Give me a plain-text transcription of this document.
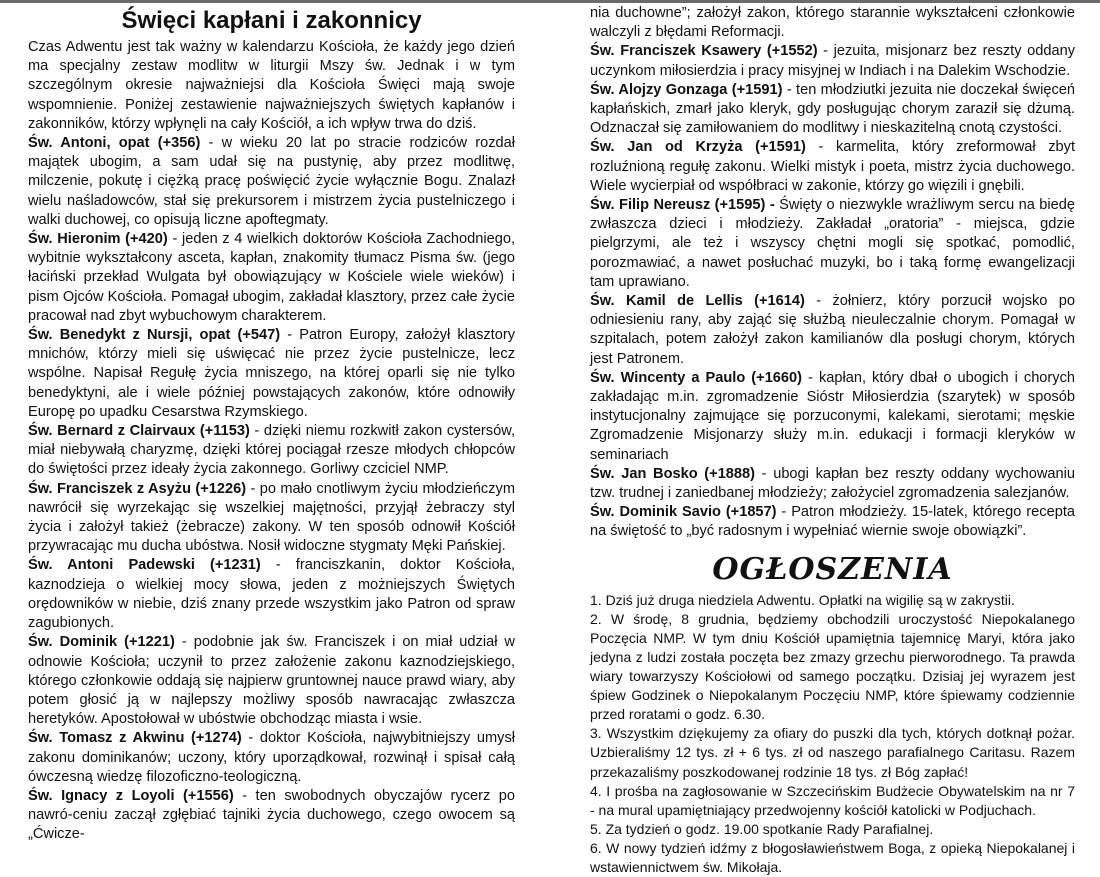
Święci kapłani i zakonnicy

Czas Adwentu jest tak ważny w kalendarzu Kościoła, że każdy jego dzień ma specjalny zestaw modlitw w liturgii Mszy św. Jednak i w tym szczególnym okresie najważniejsi dla Kościoła Święci mają swoje wspomnienie. Poniżej zestawienie najważniejszych świętych kapłanów i zakonników, którzy wpłynęli na cały Kościół, a ich wpływ trwa do dziś.

Św. Antoni, opat (+356) - w wieku 20 lat po stracie rodziców rozdał majątek ubogim, a sam udał się na pustynię, aby przez modlitwę, milczenie, pokutę i ciężką pracę poświęcić życie wyłącznie Bogu. Znalazł wielu naśladowców, stał się prekursorem i mistrzem życia pustelniczego i walki duchowej, co opisują liczne apoftegmaty.

Św. Hieronim (+420) - jeden z 4 wielkich doktorów Kościoła Zachodniego, wybitnie wykształcony asceta, kapłan, znakomity tłumacz Pisma św. (jego łaciński przekład Wulgata był obowiązujący w Kościele wiele wieków) i pism Ojców Kościoła. Pomagał ubogim, zakładał klasztory, przez całe życie pracował nad zbyt wybuchowym charakterem.

Św. Benedykt z Nursji, opat (+547) - Patron Europy, założył klasztory mnichów, którzy mieli się uświęcać nie przez życie pustelnicze, lecz wspólne. Napisał Regułę życia mniszego, na której oparli się nie tylko benedyktyni, ale i wiele później powstających zakonów, które odnowiły Europę po upadku Cesarstwa Rzymskiego.

Św. Bernard z Clairvaux (+1153) - dzięki niemu rozkwitł zakon cystersów, miał niebywałą charyzmę, dzięki której pociągał rzesze młodych chłopców do świętości przez ideały życia zakonnego. Gorliwy czciciel NMP.

Św. Franciszek z Asyżu (+1226) - po mało cnotliwym życiu młodzieńczym nawrócił się wyrzekając się wszelkiej majętności, przyjął żebraczy styl życia i założył takież (żebracze) zakony. W ten sposób odnowił Kościół przywracając mu ducha ubóstwa. Nosił widoczne stygmaty Męki Pańskiej.

Św. Antoni Padewski (+1231) - franciszkanin, doktor Kościoła, kaznodzieja o wielkiej mocy słowa, jeden z możniejszych Świętych orędowników w niebie, dziś znany przede wszystkim jako Patron od spraw zagubionych.

Św. Dominik (+1221) - podobnie jak św. Franciszek i on miał udział w odnowie Kościoła; uczynił to przez założenie zakonu kaznodziejskiego, którego członkowie oddają się najpierw gruntownej nauce prawd wiary, aby potem głosić ją w najlepszy możliwy sposób nawracając zwłaszcza heretyków. Apostołował w ubóstwie obchodząc miasta i wsie.

Św. Tomasz z Akwinu (+1274) - doktor Kościoła, najwybitniejszy umysł zakonu dominikanów; uczony, który uporządkował, rozwinął i spisał całą ówczesną wiedzę filozoficzno-teologiczną.

Św. Ignacy z Loyoli (+1556) - ten swobodnych obyczajów rycerz po nawró-ceniu zaczął zgłębiać tajniki życia duchowego, czego owocem są „Ćwicze-

nia duchowne”; założył zakon, którego starannie wykształceni członkowie walczyli z błędami Reformacji.

Św. Franciszek Ksawery (+1552) - jezuita, misjonarz bez reszty oddany uczynkom miłosierdzia i pracy misyjnej w Indiach i na Dalekim Wschodzie.

Św. Alojzy Gonzaga (+1591) - ten młodziutki jezuita nie doczekał święceń kapłańskich, zmarł jako kleryk, gdy posługując chorym zaraził się dżumą. Odznaczał się zamiłowaniem do modlitwy i nieskazitelną cnotą czystości.

Św. Jan od Krzyża (+1591) - karmelita, który zreformował zbyt rozluźnioną regułę zakonu. Wielki mistyk i poeta, mistrz życia duchowego. Wiele wycierpiał od współbraci w zakonie, którzy go więzili i gnębili.

Św. Filip Nereusz (+1595) - Święty o niezwykle wrażliwym sercu na biedę zwłaszcza dzieci i młodzieży. Zakładał „oratoria” - miejsca, gdzie pielgrzymi, ale też i wszyscy chętni mogli się spotkać, pomodlić, porozmawiać, a nawet posłuchać muzyki, bo i taką formę ewangelizacji tam uprawiano.

Św. Kamil de Lellis (+1614) - żołnierz, który porzucił wojsko po odniesieniu rany, aby zająć się służbą nieuleczalnie chorym. Pomagał w szpitalach, potem założył zakon kamilianów dla posługi chorym, których jest Patronem.

Św. Wincenty a Paulo (+1660) - kapłan, który dbał o ubogich i chorych zakładając m.in. zgromadzenie Sióstr Miłosierdzia (szarytek) w sposób instytucjonalny zajmujące się porzuconymi, kalekami, sierotami; męskie Zgromadzenie Misjonarzy służy m.in. edukacji i formacji kleryków w seminariach

Św. Jan Bosko (+1888) - ubogi kapłan bez reszty oddany wychowaniu tzw. trudnej i zaniedbanej młodzieży; założyciel zgromadzenia salezjanów.

Św. Dominik Savio (+1857) - Patron młodzieży. 15-latek, którego recepta na świętość to „być radosnym i wypełniać wiernie swoje obowiązki”.

OGŁOSZENIA

1. Dziś już druga niedziela Adwentu. Opłatki na wigilię są w zakrystii.

2. W środę, 8 grudnia, będziemy obchodzili uroczystość Niepokalanego Poczęcia NMP. W tym dniu Kościół upamiętnia tajemnicę Maryi, która jako jedyna z ludzi została poczęta bez zmazy grzechu pierworodnego. Ta prawda wiary towarzyszy Kościołowi od samego początku. Dzisiaj jej wyrazem jest śpiew Godzinek o Niepokalanym Poczęciu NMP, które śpiewamy codziennie przed roratami o godz. 6.30.

3. Wszystkim dziękujemy za ofiary do puszki dla tych, których dotknął pożar. Uzbieraliśmy 12 tys. zł + 6 tys. zł od naszego parafialnego Caritasu. Razem przekazaliśmy poszkodowanej rodzinie 18 tys. zł Bóg zapłać!

4. I prośba na zagłosowanie w Szczecińskim Budżecie Obywatelskim na nr 7 - na mural upamiętniający przedwojenny kościół katolicki w Podjuchach.

5. Za tydzień o godz. 19.00 spotkanie Rady Parafialnej.

6. W nowy tydzień idźmy z błogosławieństwem Boga, z opieką Niepokalanej i wstawiennictwem św. Mikołaja.
